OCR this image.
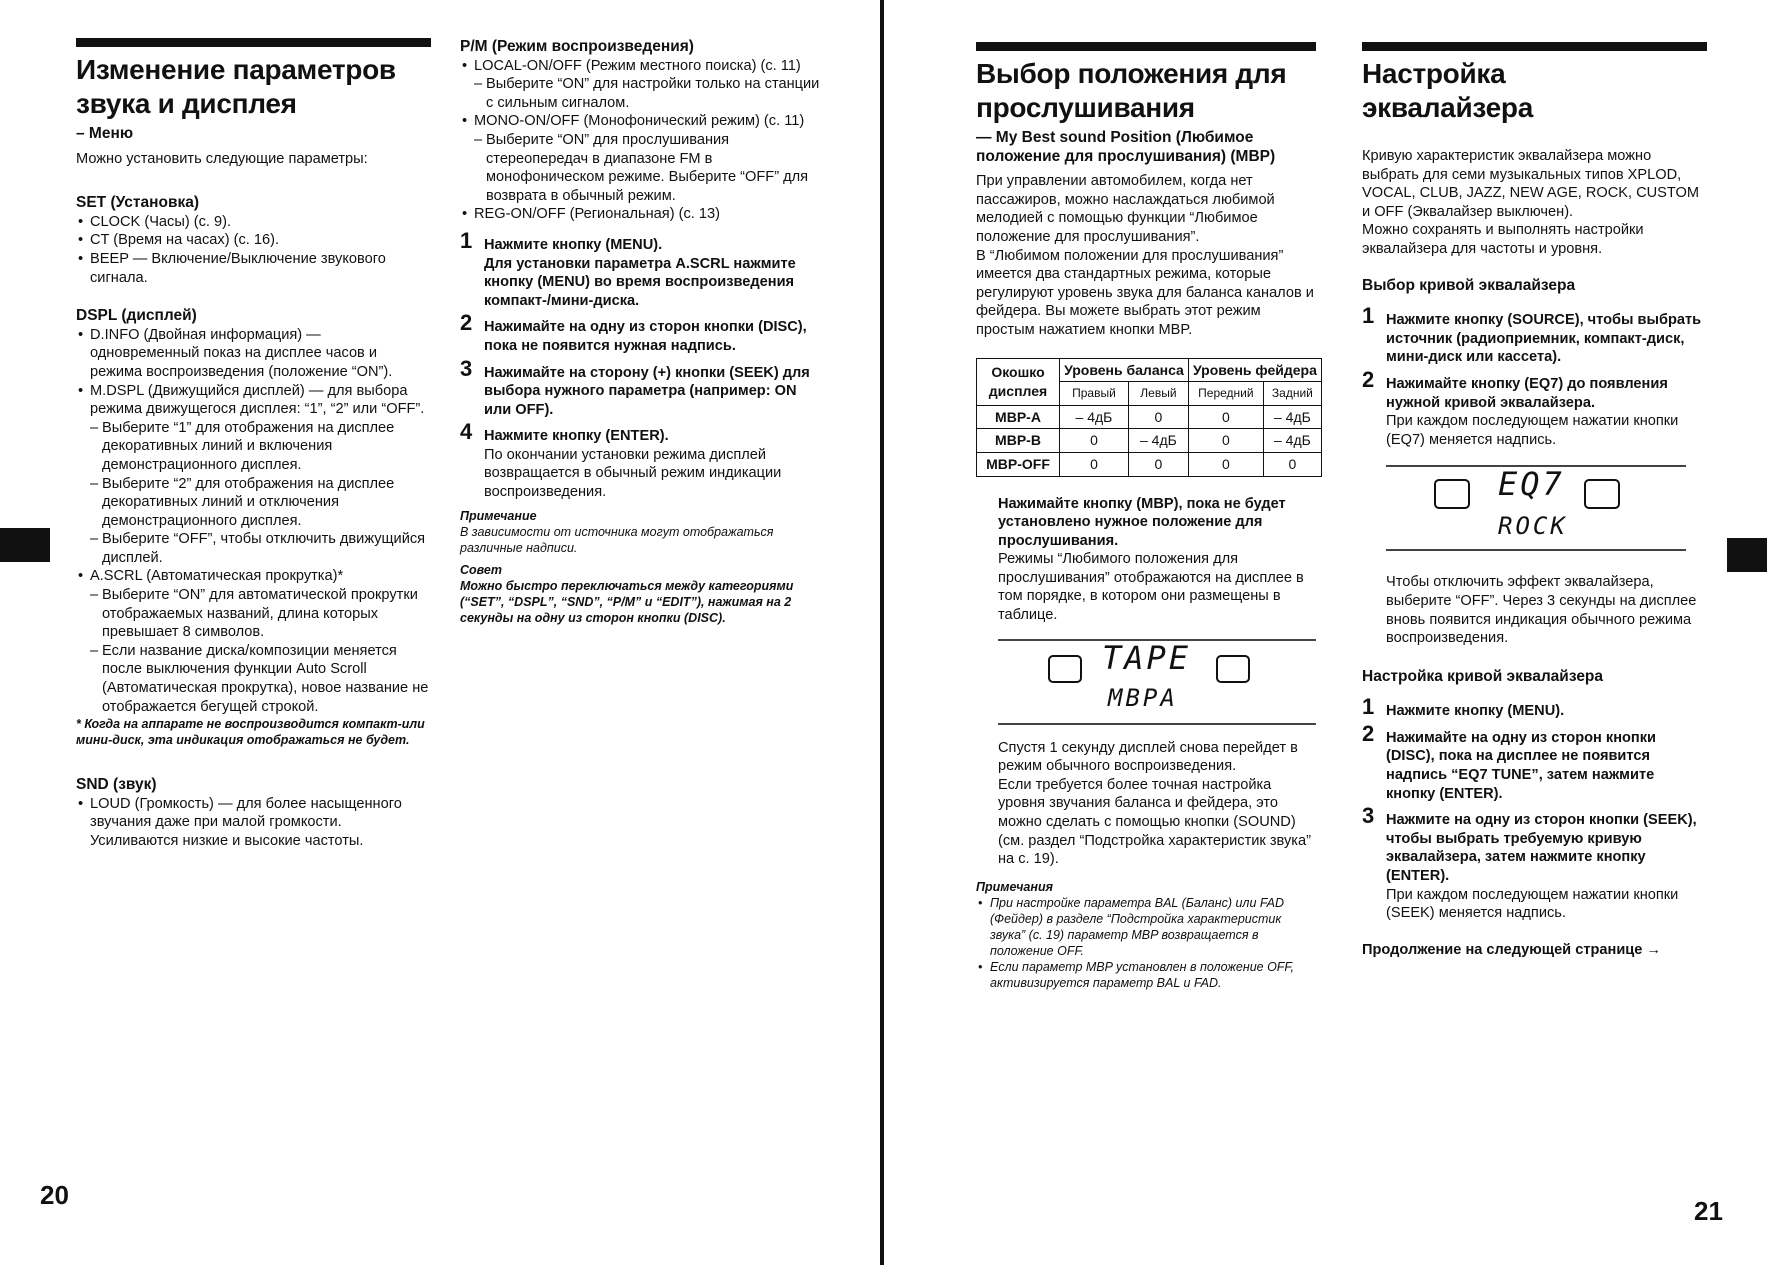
Изменение параметров
звука и дисплея
– Меню

Можно установить следующие параметры:

SET (Установка)
• CLOCK (Часы) (с. 9).
• CT (Время на часах) (с. 16).
• BEEP — Включение/Выключение звукового сигнала.
DSPL (дисплей)
• D.INFO (Двойная информация) — одновременный показ на дисплее часов и режима воспроизведения (положение “ON”).
• M.DSPL (Движущийся дисплей) — для выбора режима движущегося дисплея: “1”, “2” или “OFF”.
– Выберите “1” для отображения на дисплее декоративных линий и включения демонстрационного дисплея.
– Выберите “2” для отображения на дисплее декоративных линий и отключения демонстрационного дисплея.
– Выберите “OFF”, чтобы отключить движущийся дисплей.
• A.SCRL (Автоматическая прокрутка)*
– Выберите “ON” для автоматической прокрутки отображаемых названий, длина которых превышает 8 символов.
– Если название диска/композиции меняется после выключения функции Auto Scroll (Автоматическая прокрутка), новое название не отображается бегущей строкой.
* Когда на аппарате не воспроизводится компакт-или мини-диск, эта индикация отображаться не будет.
SND (звук)
• LOUD (Громкость) — для более насыщенного звучания даже при малой громкости. Усиливаются низкие и высокие частоты.
P/M (Режим воспроизведения)
• LOCAL-ON/OFF (Режим местного поиска) (с. 11)
– Выберите “ON” для настройки только на станции с сильным сигналом.
• MONO-ON/OFF (Монофонический режим) (с. 11)
– Выберите “ON” для прослушивания стереопередач в диапазоне FM в монофоническом режиме. Выберите “OFF” для возврата в обычный режим.
• REG-ON/OFF (Региональная) (с. 13)
1 Нажмите кнопку (MENU).
Для установки параметра A.SCRL нажмите кнопку (MENU) во время воспроизведения компакт-/мини-диска.
2 Нажимайте на одну из сторон кнопки (DISC), пока не появится нужная надпись.
3 Нажимайте на сторону (+) кнопки (SEEK) для выбора нужного параметра (например: ON или OFF).
4 Нажмите кнопку (ENTER).
По окончании установки режима дисплей возвращается в обычный режим индикации воспроизведения.
Примечание
В зависимости от источника могут отображаться различные надписи.
Совет
Можно быстро переключаться между категориями (“SET”, “DSPL”, “SND”, “P/M” и “EDIT”), нажимая на 2 секунды на одну из сторон кнопки (DISC).
20
Выбор положения для
прослушивания
— My Best sound Position (Любимое положение для прослушивания) (MBP)

При управлении автомобилем, когда нет пассажиров, можно наслаждаться любимой мелодией с помощью функции “Любимое положение для прослушивания”.

В “Любимом положении для прослушивания” имеется два стандартных режима, которые регулируют уровень звука для баланса каналов и фейдера. Вы можете выбрать этот режим простым нажатием кнопки MBP.

Окошко дисплея	Уровень баланса		Уровень фейдера	
	Правый	Левый	Передний	Задний
MBP-A	– 4дБ	0	0	– 4дБ
MBP-B	0	– 4дБ	0	– 4дБ
MBP-OFF	0	0	0	0
Нажимайте кнопку (MBP), пока не будет установлено нужное положение для прослушивания.
Режимы “Любимого положения для прослушивания” отображаются на дисплее в том порядке, в котором они размещены в таблице.
TAPE
MBPA
Спустя 1 секунду дисплей снова перейдет в режим обычного воспроизведения.
Если требуется более точная настройка уровня звучания баланса и фейдера, это можно сделать с помощью кнопки (SOUND) (см. раздел “Подстройка характеристик звука” на с. 19).
Примечания
• При настройке параметра BAL (Баланс) или FAD (Фейдер) в разделе “Подстройка характеристик звука” (с. 19) параметр MBP возвращается в положение OFF.
• Если параметр MBP установлен в положение OFF, активизируется параметр BAL и FAD.
Настройка
эквалайзера

Кривую характеристик эквалайзера можно выбрать для семи музыкальных типов XPLOD, VOCAL, CLUB, JAZZ, NEW AGE, ROCK, CUSTOM и OFF (Эквалайзер выключен).

Можно сохранять и выполнять настройки эквалайзера для частоты и уровня.

Выбор кривой эквалайзера
1 Нажмите кнопку (SOURCE), чтобы выбрать источник (радиоприемник, компакт-диск, мини-диск или кассета).
2 Нажимайте кнопку (EQ7) до появления нужной кривой эквалайзера.
При каждом последующем нажатии кнопки (EQ7) меняется надпись.
EQ7
ROCK
Чтобы отключить эффект эквалайзера, выберите “OFF”. Через 3 секунды на дисплее вновь появится индикация обычного режима воспроизведения.
Настройка кривой эквалайзера
1 Нажмите кнопку (MENU).
2 Нажимайте на одну из сторон кнопки (DISC), пока на дисплее не появится надпись “EQ7 TUNE”, затем нажмите кнопку (ENTER).
3 Нажмите на одну из сторон кнопки (SEEK), чтобы выбрать требуемую кривую эквалайзера, затем нажмите кнопку (ENTER).
При каждом последующем нажатии кнопки (SEEK) меняется надпись.
Продолжение на следующей странице →
21
